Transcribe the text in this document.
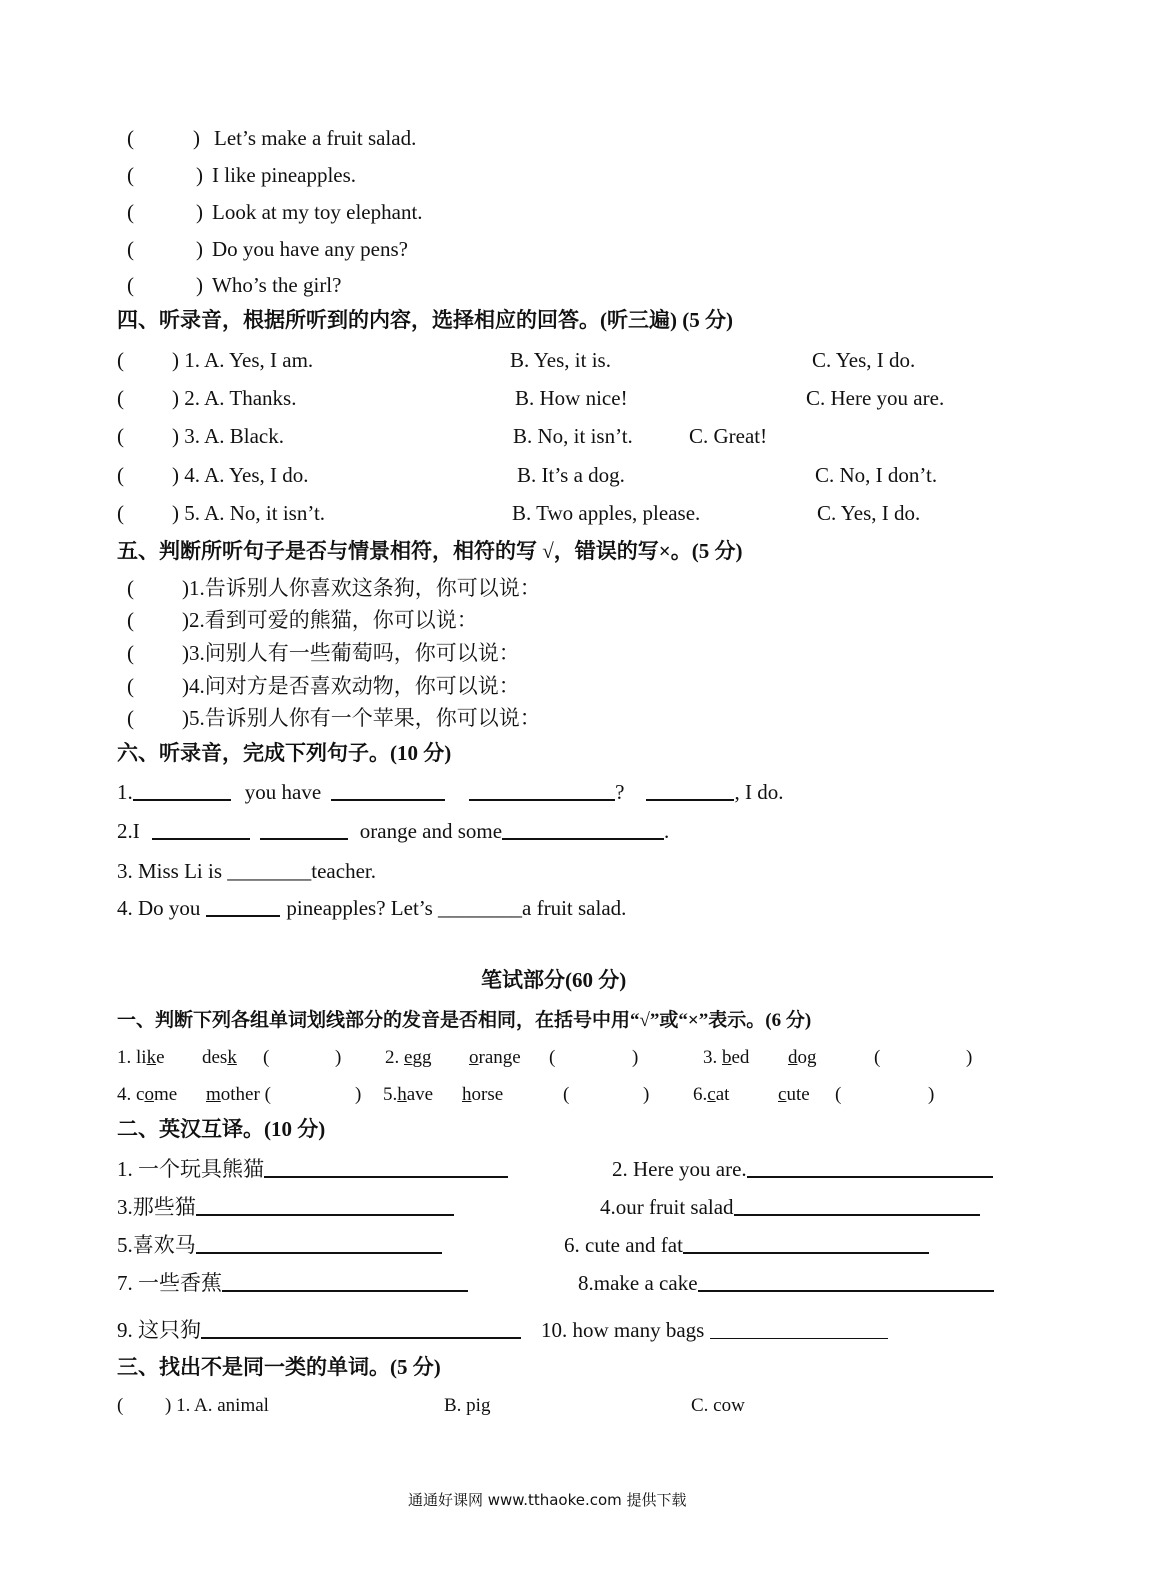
(	) Let’s make a fruit salad.
(	) I like pineapples.
(	) Look at my toy elephant.
(	) Do you have any pens?
(	) Who’s the girl?
四、听录音，根据所听到的内容，选择相应的回答。(听三遍) (5 分)
( ) 1. A. Yes, I am.	B. Yes, it is.	C. Yes, I do.
( ) 2. A. Thanks.	B. How nice!	C. Here you are.
( ) 3. A. Black.	B. No, it isn’t.	C. Great!
( ) 4. A. Yes, I do.	B. It’s a dog.	C. No, I don’t.
( ) 5. A. No, it isn’t.	B. Two apples, please.	C. Yes, I do.
五、判断所听句子是否与情景相符，相符的写 √，错误的写×。(5 分)
( )1.告诉别人你喜欢这条狗，你可以说：
( )2.看到可爱的熊猫，你可以说：
( )3.问别人有一些葡萄吗，你可以说：
( )4.问对方是否喜欢动物，你可以说：
( )5.告诉别人你有一个苹果，你可以说：
六、听录音，完成下列句子。(10 分)
1.	you have	?	, I do.
2.I	orange and some	.
3. Miss Li is ________teacher.
4. Do you	pineapples? Let’s ________a fruit salad.
笔试部分(60 分)
一、判断下列各组单词划线部分的发音是否相同，在括号中用“√”或“×”表示。(6 分)
1. like desk (	) 2. egg orange (	)	3. bed dog	(	)
4. come mother (	) 5.have horse	(	) 6.cat	cute (	)
二、英汉互译。(10 分)
1. 一个玩具熊猫	2. Here you are.
3.那些猫	4.our fruit salad
5.喜欢马	6. cute and fat
7. 一些香蕉	8.make a cake
9. 这只狗	10. how many bags
三、找出不是同一类的单词。(5 分)
( ) 1. A. animal	B. pig	C. cow
通通好课网 www.tthaoke.com 提供下载
